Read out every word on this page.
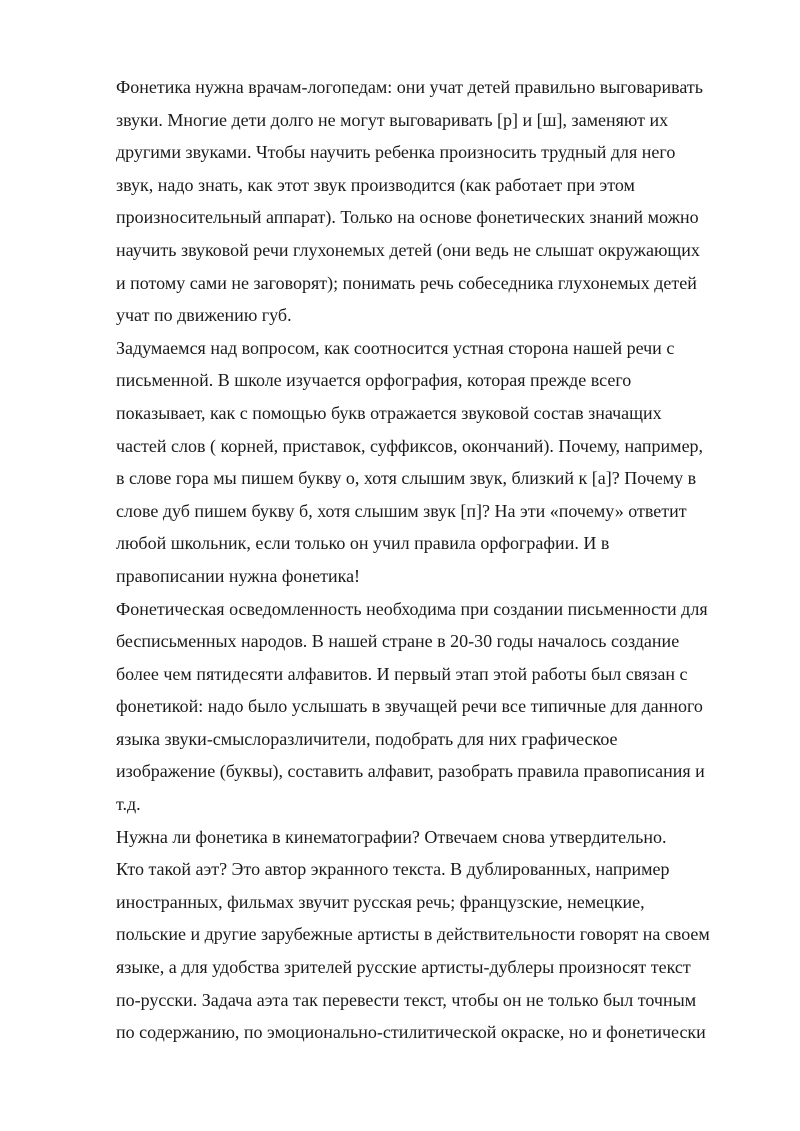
Фонетика нужна врачам-логопедам: они учат детей правильно выговаривать
звуки. Многие дети долго не могут выговаривать [р] и [ш], заменяют их
другими звуками. Чтобы научить ребенка произносить трудный для него
звук, надо знать, как этот звук производится (как работает при этом
произносительный аппарат). Только на основе фонетических знаний можно
научить звуковой речи глухонемых детей (они ведь не слышат окружающих
и потому сами не заговорят); понимать речь собеседника глухонемых детей
учат по движению губ.
Задумаемся над вопросом, как соотносится устная сторона нашей речи с
письменной. В школе изучается орфография, которая прежде всего
показывает, как с помощью букв отражается звуковой состав значащих
частей слов ( корней, приставок, суффиксов, окончаний). Почему, например,
в слове гора мы пишем букву о, хотя слышим звук, близкий к [а]? Почему в
слове дуб пишем букву б, хотя слышим звук [п]? На эти «почему» ответит
любой школьник, если только он учил правила орфографии. И в
правописании нужна фонетика!
Фонетическая осведомленность необходима при создании письменности для
бесписьменных народов. В нашей стране в 20-30 годы началось создание
более чем пятидесяти алфавитов. И первый этап этой работы был связан с
фонетикой: надо было услышать в звучащей речи все типичные для данного
языка звуки-смыслоразличители, подобрать для них графическое
изображение (буквы), составить алфавит, разобрать правила правописания и
т.д.
Нужна ли фонетика в кинематографии? Отвечаем снова утвердительно.
Кто такой аэт? Это автор экранного текста. В дублированных, например
иностранных, фильмах звучит русская речь; французские, немецкие,
польские и другие зарубежные артисты в действительности говорят на своем
языке, а для удобства зрителей русские артисты-дублеры произносят текст
по-русски. Задача аэта так перевести текст, чтобы он не только был точным
по содержанию, по эмоционально-стилитической окраске, но и фонетически
